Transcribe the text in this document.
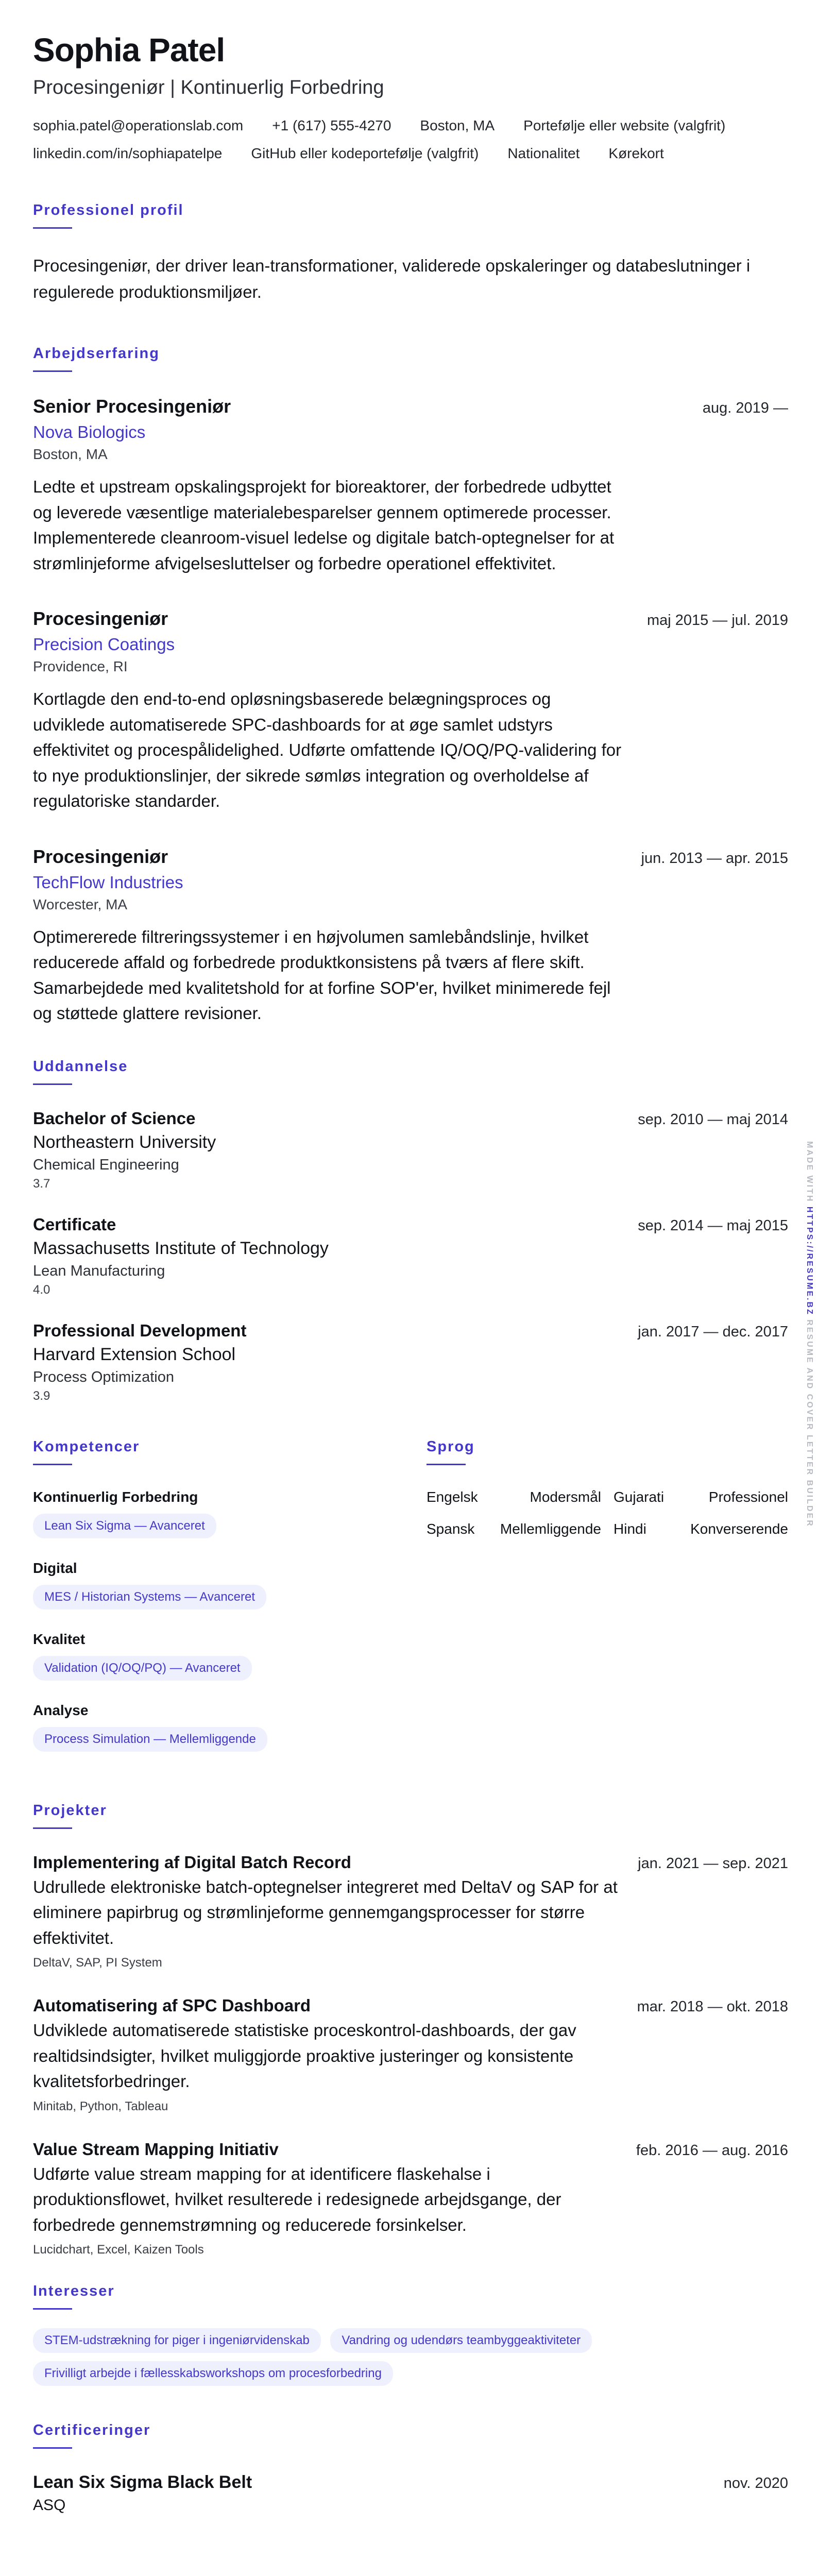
Sophia Patel
Procesingeniør | Kontinuerlig Forbedring
sophia.patel@operationslab.com +1 (617) 555-4270 Boston, MA Portefølje eller website (valgfrit)
linkedin.com/in/sophiapatelpe GitHub eller kodeportefølje (valgfrit) Nationalitet Kørekort
Professionel profil
Procesingeniør, der driver lean-transformationer, validerede opskaleringer og databeslutninger i regulerede produktionsmiljøer.
Arbejdserfaring
Senior Procesingeniør	aug. 2019 —
Nova Biologics
Boston, MA
Ledte et upstream opskalingsprojekt for bioreaktorer, der forbedrede udbyttet og leverede væsentlige materialebesparelser gennem optimerede processer. Implementerede cleanroom-visuel ledelse og digitale batch-optegnelser for at strømlinjeforme afvigelsesluttelser og forbedre operationel effektivitet.
Procesingeniør	maj 2015 — jul. 2019
Precision Coatings
Providence, RI
Kortlagde den end-to-end opløsningsbaserede belægningsproces og udviklede automatiserede SPC-dashboards for at øge samlet udstyrs effektivitet og procespålidelighed. Udførte omfattende IQ/OQ/PQ-validering for to nye produktionslinjer, der sikrede sømløs integration og overholdelse af regulatoriske standarder.
Procesingeniør	jun. 2013 — apr. 2015
TechFlow Industries
Worcester, MA
Optimererede filtreringssystemer i en højvolumen samlebåndslinje, hvilket reducerede affald og forbedrede produktkonsistens på tværs af flere skift. Samarbejdede med kvalitetshold for at forfine SOP'er, hvilket minimerede fejl og støttede glattere revisioner.
Uddannelse
Bachelor of Science	sep. 2010 — maj 2014
Northeastern University
Chemical Engineering
3.7
Certificate	sep. 2014 — maj 2015
Massachusetts Institute of Technology
Lean Manufacturing
4.0
Professional Development	jan. 2017 — dec. 2017
Harvard Extension School
Process Optimization
3.9
Kompetencer
Kontinuerlig Forbedring
Lean Six Sigma — Avanceret
Digital
MES / Historian Systems — Avanceret
Kvalitet
Validation (IQ/OQ/PQ) — Avanceret
Analyse
Process Simulation — Mellemliggende
Sprog
Engelsk	Modersmål Gujarati	Professionel
Spansk Mellemliggende Hindi	Konverserende
Projekter
Implementering af Digital Batch Record	jan. 2021 — sep. 2021
Udrullede elektroniske batch-optegnelser integreret med DeltaV og SAP for at eliminere papirbrug og strømlinjeforme gennemgangsprocesser for større effektivitet.
DeltaV, SAP, PI System
Automatisering af SPC Dashboard	mar. 2018 — okt. 2018
Udviklede automatiserede statistiske proceskontrol-dashboards, der gav realtidsindsigter, hvilket muliggjorde proaktive justeringer og konsistente kvalitetsforbedringer.
Minitab, Python, Tableau
Value Stream Mapping Initiativ	feb. 2016 — aug. 2016
Udførte value stream mapping for at identificere flaskehalse i produktionsflowet, hvilket resulterede i redesignede arbejdsgange, der forbedrede gennemstrømning og reducerede forsinkelser.
Lucidchart, Excel, Kaizen Tools
Interesser
STEM-udstrækning for piger i ingeniørvidenskab	Vandring og udendørs teambyggeaktiviteter Frivilligt arbejde i fællesskabsworkshops om procesforbedring
Certificeringer
Lean Six Sigma Black Belt	nov. 2020
ASQ
MADE WITH HTTPS://RESUME.BZ RESUME AND COVER LETTER BUILDER
